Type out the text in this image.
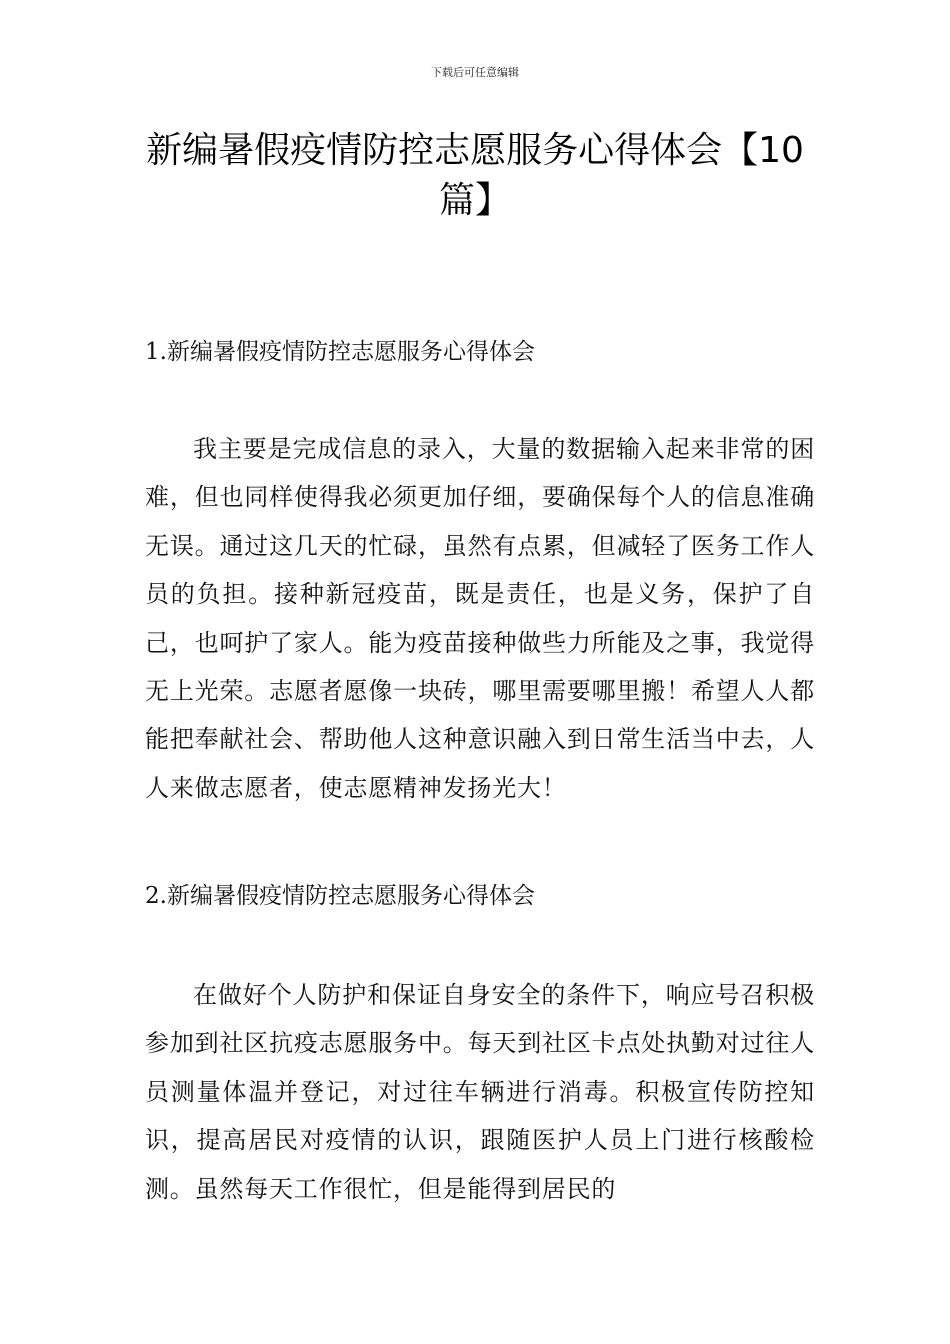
下载后可任意编辑
新编暑假疫情防控志愿服务心得体会【10篇】

1.新编暑假疫情防控志愿服务心得体会

我主要是完成信息的录入，大量的数据输入起来非常的困难，但也同样使得我必须更加仔细，要确保每个人的信息准确无误。通过这几天的忙碌，虽然有点累，但减轻了医务工作人员的负担。接种新冠疫苗，既是责任，也是义务，保护了自己，也呵护了家人。能为疫苗接种做些力所能及之事，我觉得无上光荣。志愿者愿像一块砖，哪里需要哪里搬！希望人人都能把奉献社会、帮助他人这种意识融入到日常生活当中去，人人来做志愿者，使志愿精神发扬光大！

2.新编暑假疫情防控志愿服务心得体会

在做好个人防护和保证自身安全的条件下，响应号召积极参加到社区抗疫志愿服务中。每天到社区卡点处执勤对过往人员测量体温并登记，对过往车辆进行消毒。积极宣传防控知识，提高居民对疫情的认识，跟随医护人员上门进行核酸检测。虽然每天工作很忙，但是能得到居民的
